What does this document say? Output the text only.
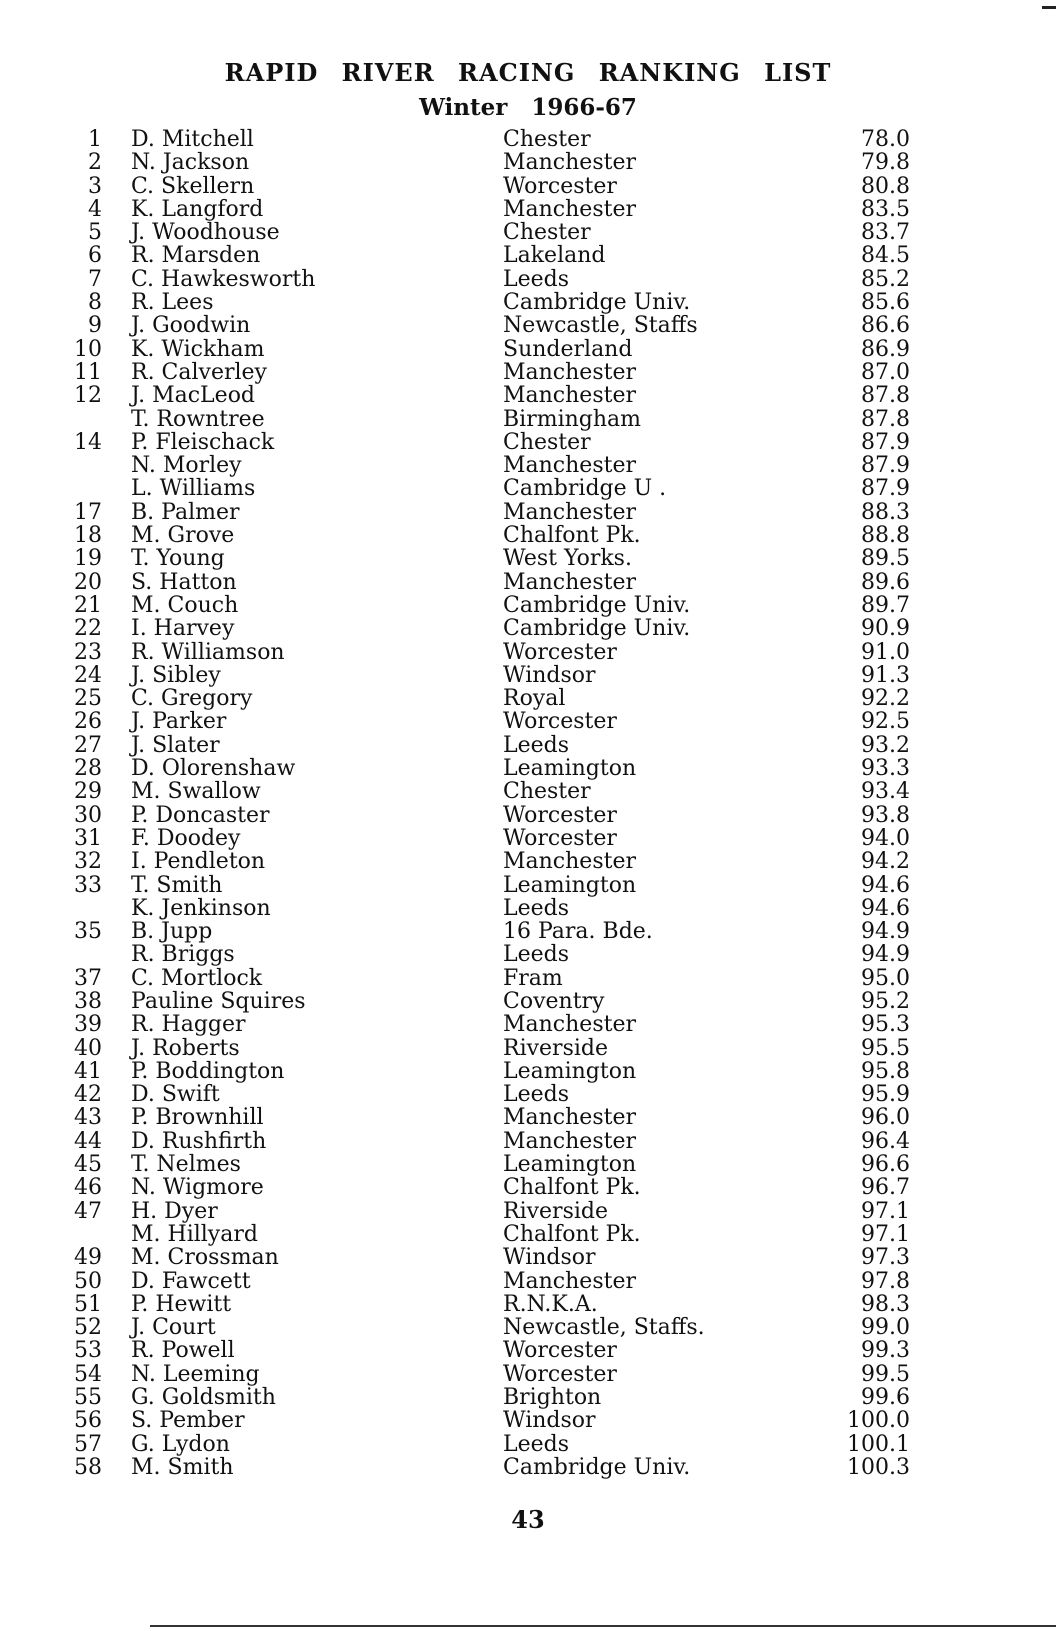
RAPID RIVER RACING RANKING LIST
Winter 1966-67
1 D. Mitchell	Chester	78.0
2 N. Jackson	Manchester	79.8
3 C. Skellern	Worcester	80.8
4 K. Langford	Manchester	83.5
5 J. Woodhouse	Chester	83.7
6 R. Marsden	Lakeland	84.5
7 C. Hawkesworth	Leeds	85.2
8 R. Lees	Cambridge Univ.	85.6
9 J. Goodwin	Newcastle, Staffs	86.6
10 K. Wickham	Sunderland	86.9
11 R. Calverley	Manchester	87.0
12 J. MacLeod	Manchester	87.8
T. Rowntree	Birmingham	87.8
14 P. Fleischack	Chester	87.9
N. Morley	Manchester	87.9
L. Williams	Cambridge U .	87.9
17 B. Palmer	Manchester	88.3
18 M. Grove	Chalfont Pk.	88.8
19 T. Young	West Yorks.	89.5
20 S. Hatton	Manchester	89.6
21 M. Couch	Cambridge Univ.	89.7
22 I. Harvey	Cambridge Univ.	90.9
23 R. Williamson	Worcester	91.0
24 J. Sibley	Windsor	91.3
25 C. Gregory	Royal	92.2
26 J. Parker	Worcester	92.5
27 J. Slater	Leeds	93.2
28 D. Olorenshaw	Leamington	93.3
29 M. Swallow	Chester	93.4
30 P. Doncaster	Worcester	93.8
31 F. Doodey	Worcester	94.0
32 I. Pendleton	Manchester	94.2
33 T. Smith	Leamington	94.6
K. Jenkinson	Leeds	94.6
35 B. Jupp	16 Para. Bde.	94.9
R. Briggs	Leeds	94.9
37 C. Mortlock	Fram	95.0
38 Pauline Squires	Coventry	95.2
39 R. Hagger	Manchester	95.3
40 J. Roberts	Riverside	95.5
41 P. Boddington	Leamington	95.8
42 D. Swift	Leeds	95.9
43 P. Brownhill	Manchester	96.0
44 D. Rushfirth	Manchester	96.4
45 T. Nelmes	Leamington	96.6
46 N. Wigmore	Chalfont Pk.	96.7
47 H. Dyer	Riverside	97.1
M. Hillyard	Chalfont Pk.	97.1
49 M. Crossman	Windsor	97.3
50 D. Fawcett	Manchester	97.8
51 P. Hewitt	R.N.K.A.	98.3
52 J. Court	Newcastle, Staffs.	99.0
53 R. Powell	Worcester	99.3
54 N. Leeming	Worcester	99.5
55 G. Goldsmith	Brighton	99.6
56 S. Pember	Windsor	100.0
57 G. Lydon	Leeds	100.1
58 M. Smith	Cambridge Univ.	100.3
43
